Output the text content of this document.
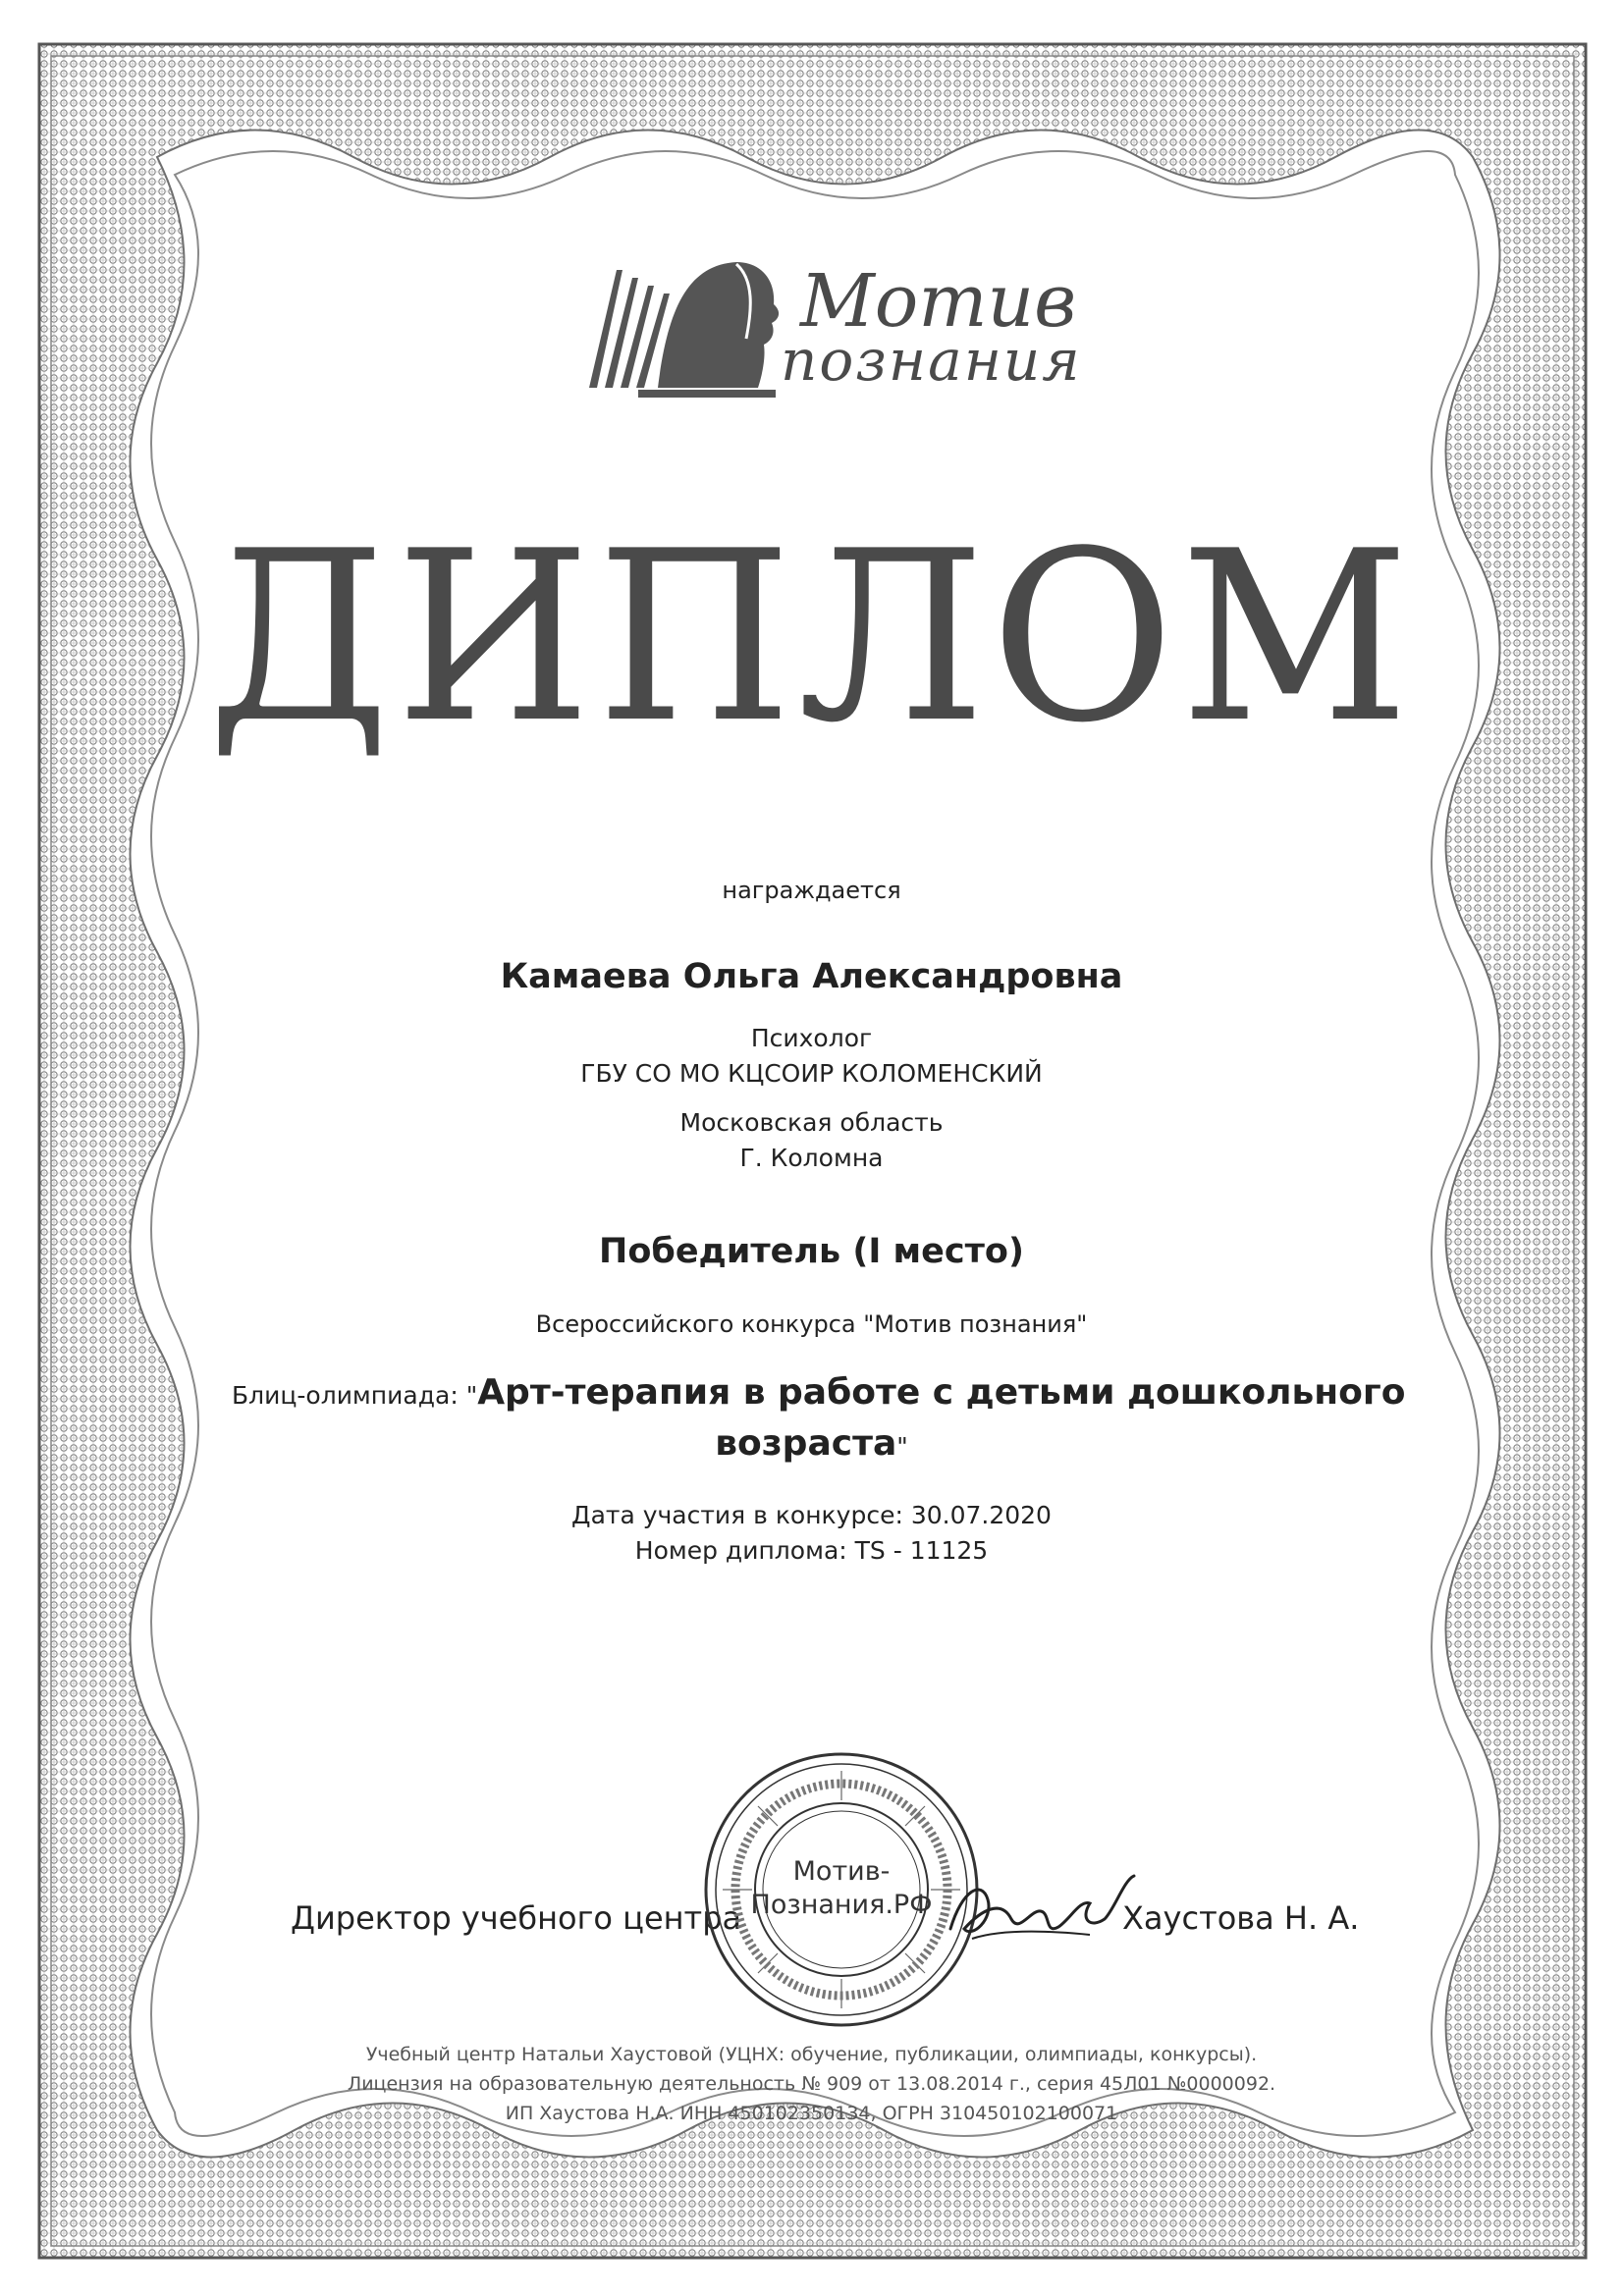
Мотив
познания
ДИПЛОМ
награждается
Камаева Ольга Александровна
Психолог
ГБУ СО МО КЦСОИР КОЛОМЕНСКИЙ
Московская область
Г. Коломна
Победитель (I место)
Всероссийского конкурса "Мотив познания"
Блиц-олимпиада: "Арт-терапия в работе с детьми дошкольного
возраста"
Дата участия в конкурсе: 30.07.2020
Номер диплома: TS - 11125
Директор учебного центра
Мотив-
Познания.РФ	Хаустова Н. А.
Учебный центр Натальи Хаустовой (УЦНХ: обучение, публикации, олимпиады, конкурсы).
Лицензия на образовательную деятельность № 909 от 13.08.2014 г., серия 45Л01 №0000092.
ИП Хаустова Н.А. ИНН 450102350134, ОГРН 310450102100071
